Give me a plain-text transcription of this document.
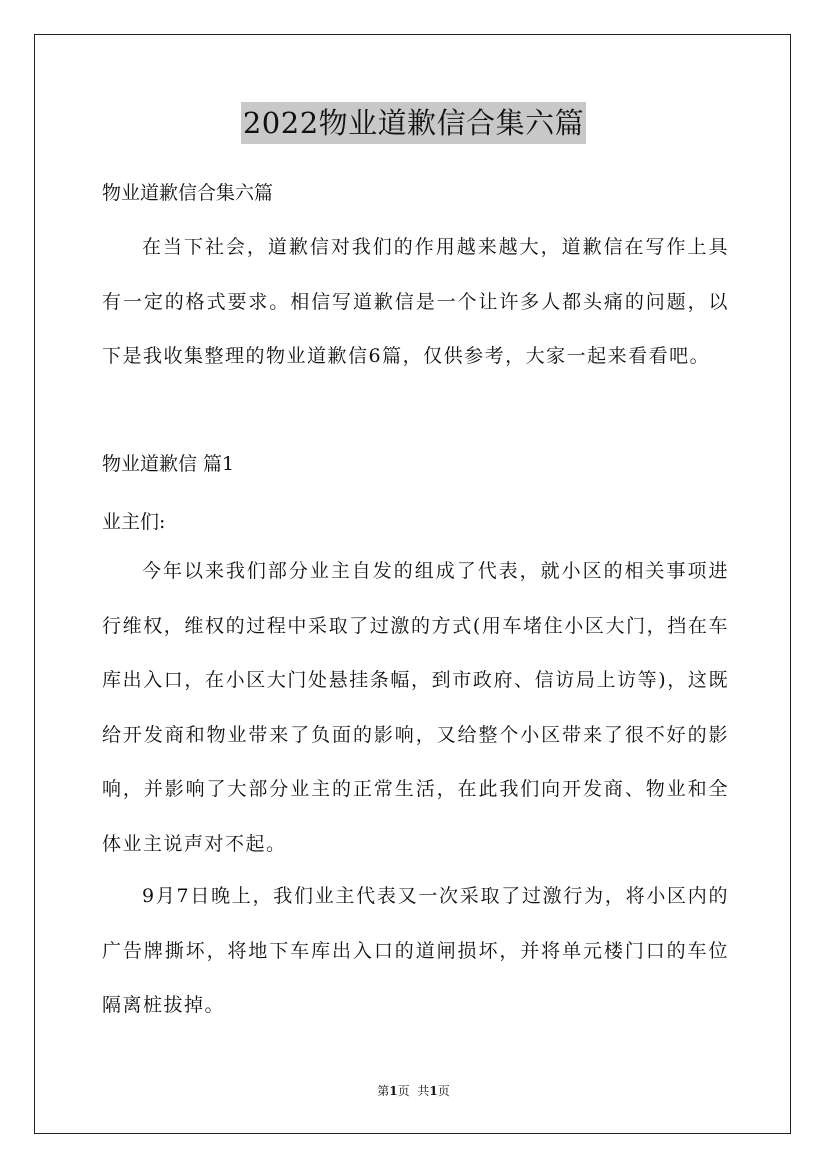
2022物业道歉信合集六篇

物业道歉信合集六篇

在当下社会，道歉信对我们的作用越来越大，道歉信在写作上具有一定的格式要求。相信写道歉信是一个让许多人都头痛的问题，以下是我收集整理的物业道歉信6篇，仅供参考，大家一起来看看吧。

物业道歉信 篇1

业主们:

今年以来我们部分业主自发的组成了代表，就小区的相关事项进行维权，维权的过程中采取了过激的方式(用车堵住小区大门，挡在车库出入口，在小区大门处悬挂条幅，到市政府、信访局上访等)，这既给开发商和物业带来了负面的影响，又给整个小区带来了很不好的影响，并影响了大部分业主的正常生活，在此我们向开发商、物业和全体业主说声对不起。

9月7日晚上，我们业主代表又一次采取了过激行为，将小区内的广告牌撕坏，将地下车库出入口的道闸损坏，并将单元楼门口的车位隔离桩拔掉。

第1页 共1页
